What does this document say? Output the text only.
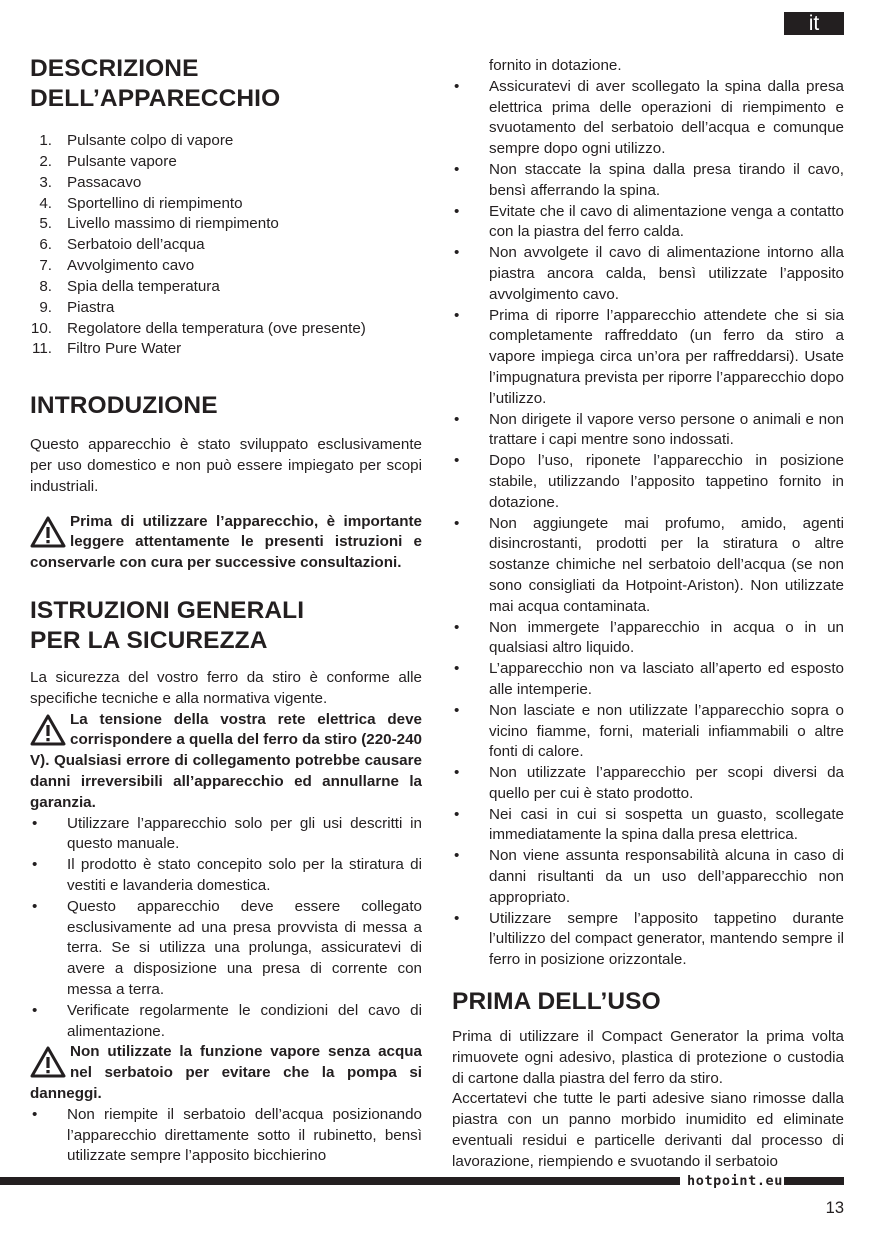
it
DESCRIZIONE
DELL’APPARECCHIO
1. Pulsante colpo di vapore
2. Pulsante vapore
3. Passacavo
4. Sportellino di riempimento
5. Livello massimo di riempimento
6. Serbatoio dell’acqua
7. Avvolgimento cavo
8. Spia della temperatura
9. Piastra
10. Regolatore della temperatura (ove presente)
11. Filtro Pure Water
INTRODUZIONE

Questo apparecchio è stato sviluppato esclusivamente per uso domestico e non può essere impiegato per scopi industriali.

Prima di utilizzare l’apparecchio, è importante leggere attentamente le presenti istruzioni e conservarle con cura per successive consultazioni.
ISTRUZIONI GENERALI
PER LA SICUREZZA

La sicurezza del vostro ferro da stiro è conforme alle specifiche tecniche e alla normativa vigente.

La tensione della vostra rete elettrica deve corrispondere a quella del ferro da stiro (220-240 V). Qualsiasi errore di collegamento potrebbe causare danni irreversibili all’apparecchio ed annullarne la garanzia.
• Utilizzare l’apparecchio solo per gli usi descritti in questo manuale.
• Il prodotto è stato concepito solo per la stiratura di vestiti e lavanderia domestica.
• Questo apparecchio deve essere collegato esclusivamente ad una presa provvista di messa a terra. Se si utilizza una prolunga, assicuratevi di avere a disposizione una presa di corrente con messa a terra.
• Verificate regolarmente le condizioni del cavo di alimentazione.
Non utilizzate la funzione vapore senza acqua nel serbatoio per evitare che la pompa si danneggi.
• Non riempite il serbatoio dell’acqua posizionando l’apparecchio direttamente sotto il rubinetto, bensì utilizzate sempre l’apposito bicchierino
fornito in dotazione.
• Assicuratevi di aver scollegato la spina dalla presa elettrica prima delle operazioni di riempimento e svuotamento del serbatoio dell’acqua e comunque sempre dopo ogni utilizzo.
• Non staccate la spina dalla presa tirando il cavo, bensì afferrando la spina.
• Evitate che il cavo di alimentazione venga a contatto con la piastra del ferro calda.
• Non avvolgete il cavo di alimentazione intorno alla piastra ancora calda, bensì utilizzate l’apposito avvolgimento cavo.
• Prima di riporre l’apparecchio attendete che si sia completamente raffreddato (un ferro da stiro a vapore impiega circa un’ora per raffreddarsi). Usate l’impugnatura prevista per riporre l’apparecchio dopo l’utilizzo.
• Non dirigete il vapore verso persone o animali e non trattare i capi mentre sono indossati.
• Dopo l’uso, riponete l’apparecchio in posizione stabile, utilizzando l’apposito tappetino fornito in dotazione.
• Non aggiungete mai profumo, amido, agenti disincrostanti, prodotti per la stiratura o altre sostanze chimiche nel serbatoio dell’acqua (se non sono consigliati da Hotpoint-Ariston). Non utilizzate mai acqua contaminata.
• Non immergete l’apparecchio in acqua o in un qualsiasi altro liquido.
• L’apparecchio non va lasciato all’aperto ed esposto alle intemperie.
• Non lasciate e non utilizzate l’apparecchio sopra o vicino fiamme, forni, materiali infiammabili o altre fonti di calore.
• Non utilizzate l’apparecchio per scopi diversi da quello per cui è stato prodotto.
• Nei casi in cui si sospetta un guasto, scollegate immediatamente la spina dalla presa elettrica.
• Non viene assunta responsabilità alcuna in caso di danni risultanti da un uso dell’apparecchio non appropriato.
• Utilizzare sempre l’apposito tappetino durante l’ultilizzo del compact generator, mantendo sempre il ferro in posizione orizzontale.
PRIMA DELL’USO

Prima di utilizzare il Compact Generator la prima volta rimuovete ogni adesivo, plastica di protezione o custodia di cartone dalla piastra del ferro da stiro.

Accertatevi che tutte le parti adesive siano rimosse dalla piastra con un panno morbido inumidito ed eliminate eventuali residui e particelle derivanti dal processo di lavorazione, riempiendo e svuotando il serbatoio

hotpoint.eu
13
